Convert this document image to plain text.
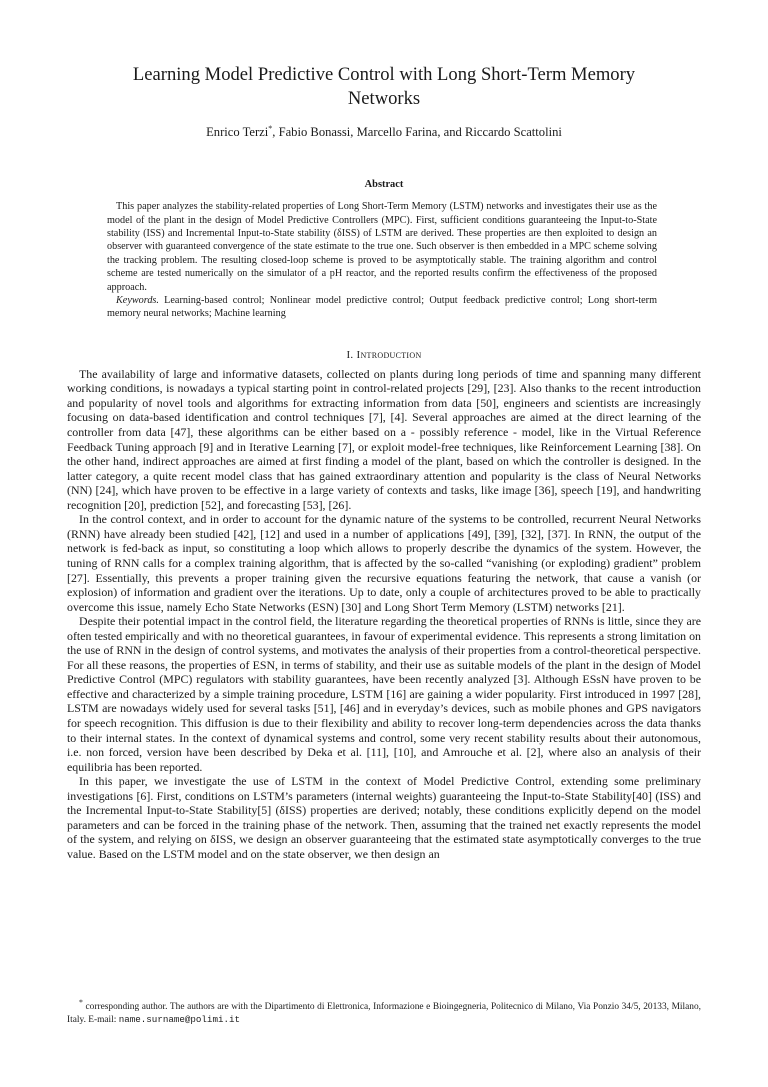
Learning Model Predictive Control with Long Short-Term Memory Networks
Enrico Terzi*, Fabio Bonassi, Marcello Farina, and Riccardo Scattolini
Abstract

This paper analyzes the stability-related properties of Long Short-Term Memory (LSTM) networks and investigates their use as the model of the plant in the design of Model Predictive Controllers (MPC). First, sufficient conditions guaranteeing the Input-to-State stability (ISS) and Incremental Input-to-State stability (δISS) of LSTM are derived. These properties are then exploited to design an observer with guaranteed convergence of the state estimate to the true one. Such observer is then embedded in a MPC scheme solving the tracking problem. The resulting closed-loop scheme is proved to be asymptotically stable. The training algorithm and control scheme are tested numerically on the simulator of a pH reactor, and the reported results confirm the effectiveness of the proposed approach.

Keywords. Learning-based control; Nonlinear model predictive control; Output feedback predictive control; Long short-term memory neural networks; Machine learning

I. Introduction

The availability of large and informative datasets, collected on plants during long periods of time and spanning many different working conditions, is nowadays a typical starting point in control-related projects [29], [23]. Also thanks to the recent introduction and popularity of novel tools and algorithms for extracting information from data [50], engineers and scientists are increasingly focusing on data-based identification and control techniques [7], [4]. Several approaches are aimed at the direct learning of the controller from data [47], these algorithms can be either based on a - possibly reference - model, like in the Virtual Reference Feedback Tuning approach [9] and in Iterative Learning [7], or exploit model-free techniques, like Reinforcement Learning [38]. On the other hand, indirect approaches are aimed at first finding a model of the plant, based on which the controller is designed. In the latter category, a quite recent model class that has gained extraordinary attention and popularity is the class of Neural Networks (NN) [24], which have proven to be effective in a large variety of contexts and tasks, like image [36], speech [19], and handwriting recognition [20], prediction [52], and forecasting [53], [26].

In the control context, and in order to account for the dynamic nature of the systems to be controlled, recurrent Neural Networks (RNN) have already been studied [42], [12] and used in a number of applications [49], [39], [32], [37]. In RNN, the output of the network is fed-back as input, so constituting a loop which allows to properly describe the dynamics of the system. However, the tuning of RNN calls for a complex training algorithm, that is affected by the so-called “vanishing (or exploding) gradient” problem [27]. Essentially, this prevents a proper training given the recursive equations featuring the network, that cause a vanish (or explosion) of information and gradient over the iterations. Up to date, only a couple of architectures proved to be able to practically overcome this issue, namely Echo State Networks (ESN) [30] and Long Short Term Memory (LSTM) networks [21].

Despite their potential impact in the control field, the literature regarding the theoretical properties of RNNs is little, since they are often tested empirically and with no theoretical guarantees, in favour of experimental evidence. This represents a strong limitation on the use of RNN in the design of control systems, and motivates the analysis of their properties from a control-theoretical perspective. For all these reasons, the properties of ESN, in terms of stability, and their use as suitable models of the plant in the design of Model Predictive Control (MPC) regulators with stability guarantees, have been recently analyzed [3]. Although ESsN have proven to be effective and characterized by a simple training procedure, LSTM [16] are gaining a wider popularity. First introduced in 1997 [28], LSTM are nowadays widely used for several tasks [51], [46] and in everyday’s devices, such as mobile phones and GPS navigators for speech recognition. This diffusion is due to their flexibility and ability to recover long-term dependencies across the data thanks to their internal states. In the context of dynamical systems and control, some very recent stability results about their autonomous, i.e. non forced, version have been described by Deka et al. [11], [10], and Amrouche et al. [2], where also an analysis of their equilibria has been reported.

In this paper, we investigate the use of LSTM in the context of Model Predictive Control, extending some preliminary investigations [6]. First, conditions on LSTM’s parameters (internal weights) guaranteeing the Input-to-State Stability[40] (ISS) and the Incremental Input-to-State Stability[5] (δISS) properties are derived; notably, these conditions explicitly depend on the model parameters and can be forced in the training phase of the network. Then, assuming that the trained net exactly represents the model of the system, and relying on δISS, we design an observer guaranteeing that the estimated state asymptotically converges to the true value. Based on the LSTM model and on the state observer, we then design an

* corresponding author. The authors are with the Dipartimento di Elettronica, Informazione e Bioingegneria, Politecnico di Milano, Via Ponzio 34/5, 20133, Milano, Italy. E-mail: name.surname@polimi.it
